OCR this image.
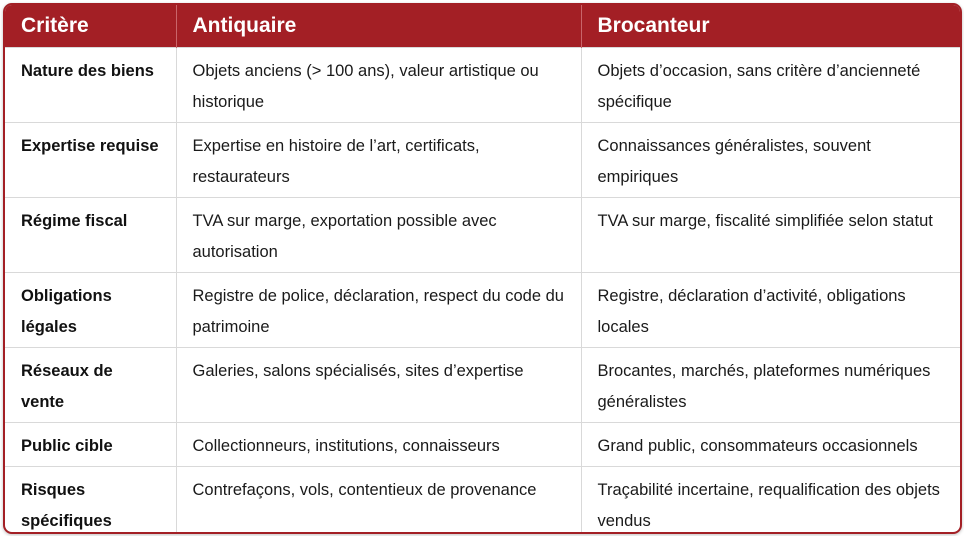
Critère	Antiquaire	Brocanteur
Nature des biens	Objets anciens (> 100 ans), valeur artistique ou historique	Objets d’occasion, sans critère d’ancienneté spécifique
Expertise requise	Expertise en histoire de l’art, certificats, restaurateurs	Connaissances généralistes, souvent empiriques
Régime fiscal	TVA sur marge, exportation possible avec autorisation	TVA sur marge, fiscalité simplifiée selon statut
Obligations légales	Registre de police, déclaration, respect du code du patrimoine	Registre, déclaration d’activité, obligations locales
Réseaux de vente	Galeries, salons spécialisés, sites d’expertise	Brocantes, marchés, plateformes numériques généralistes
Public cible	Collectionneurs, institutions, connaisseurs	Grand public, consommateurs occasionnels
Risques spécifiques	Contrefaçons, vols, contentieux de provenance	Traçabilité incertaine, requalification des objets vendus
